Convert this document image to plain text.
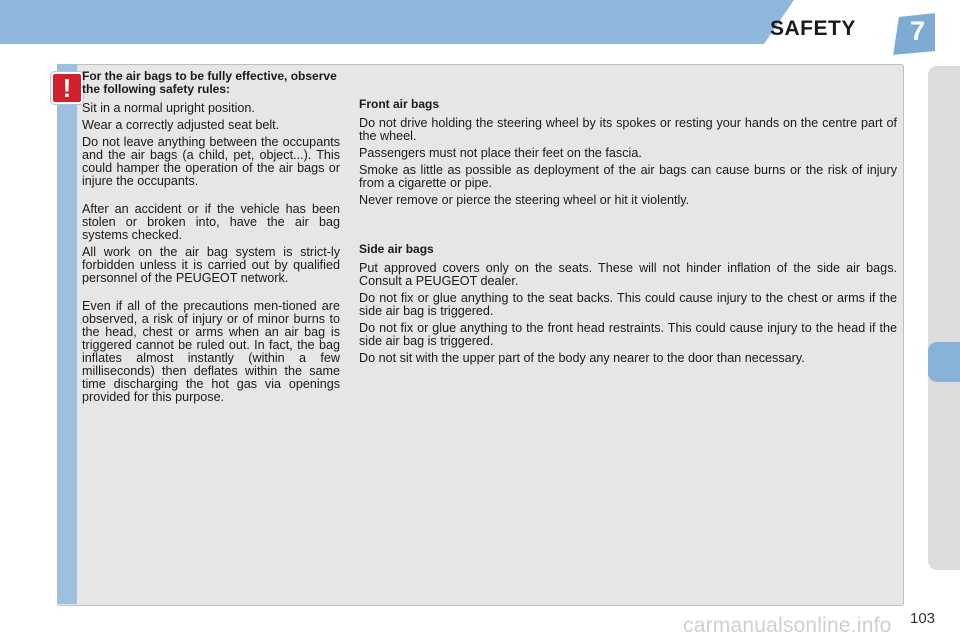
SAFETY 7
! For the air bags to be fully effective, observe the following safety rules:

Sit in a normal upright position.

Wear a correctly adjusted seat belt.

Do not leave anything between the occupants and the air bags (a child, pet, object...). This could hamper the operation of the air bags or injure the occupants.

After an accident or if the vehicle has been stolen or broken into, have the air bag systems checked.

All work on the air bag system is strict-ly forbidden unless it is carried out by qualified personnel of the PEUGEOT network.

Even if all of the precautions men-tioned are observed, a risk of injury or of minor burns to the head, chest or arms when an air bag is triggered cannot be ruled out. In fact, the bag inflates almost instantly (within a few milliseconds) then deflates within the same time discharging the hot gas via openings provided for this purpose.

Front air bags

Do not drive holding the steering wheel by its spokes or resting your hands on the centre part of the wheel.

Passengers must not place their feet on the fascia.

Smoke as little as possible as deployment of the air bags can cause burns or the risk of injury from a cigarette or pipe.

Never remove or pierce the steering wheel or hit it violently.

Side air bags

Put approved covers only on the seats. These will not hinder inflation of the side air bags. Consult a PEUGEOT dealer.

Do not fix or glue anything to the seat backs. This could cause injury to the chest or arms if the side air bag is triggered.

Do not fix or glue anything to the front head restraints. This could cause injury to the head if the side air bag is triggered.

Do not sit with the upper part of the body any nearer to the door than necessary.

carmanualsonline.info 103
